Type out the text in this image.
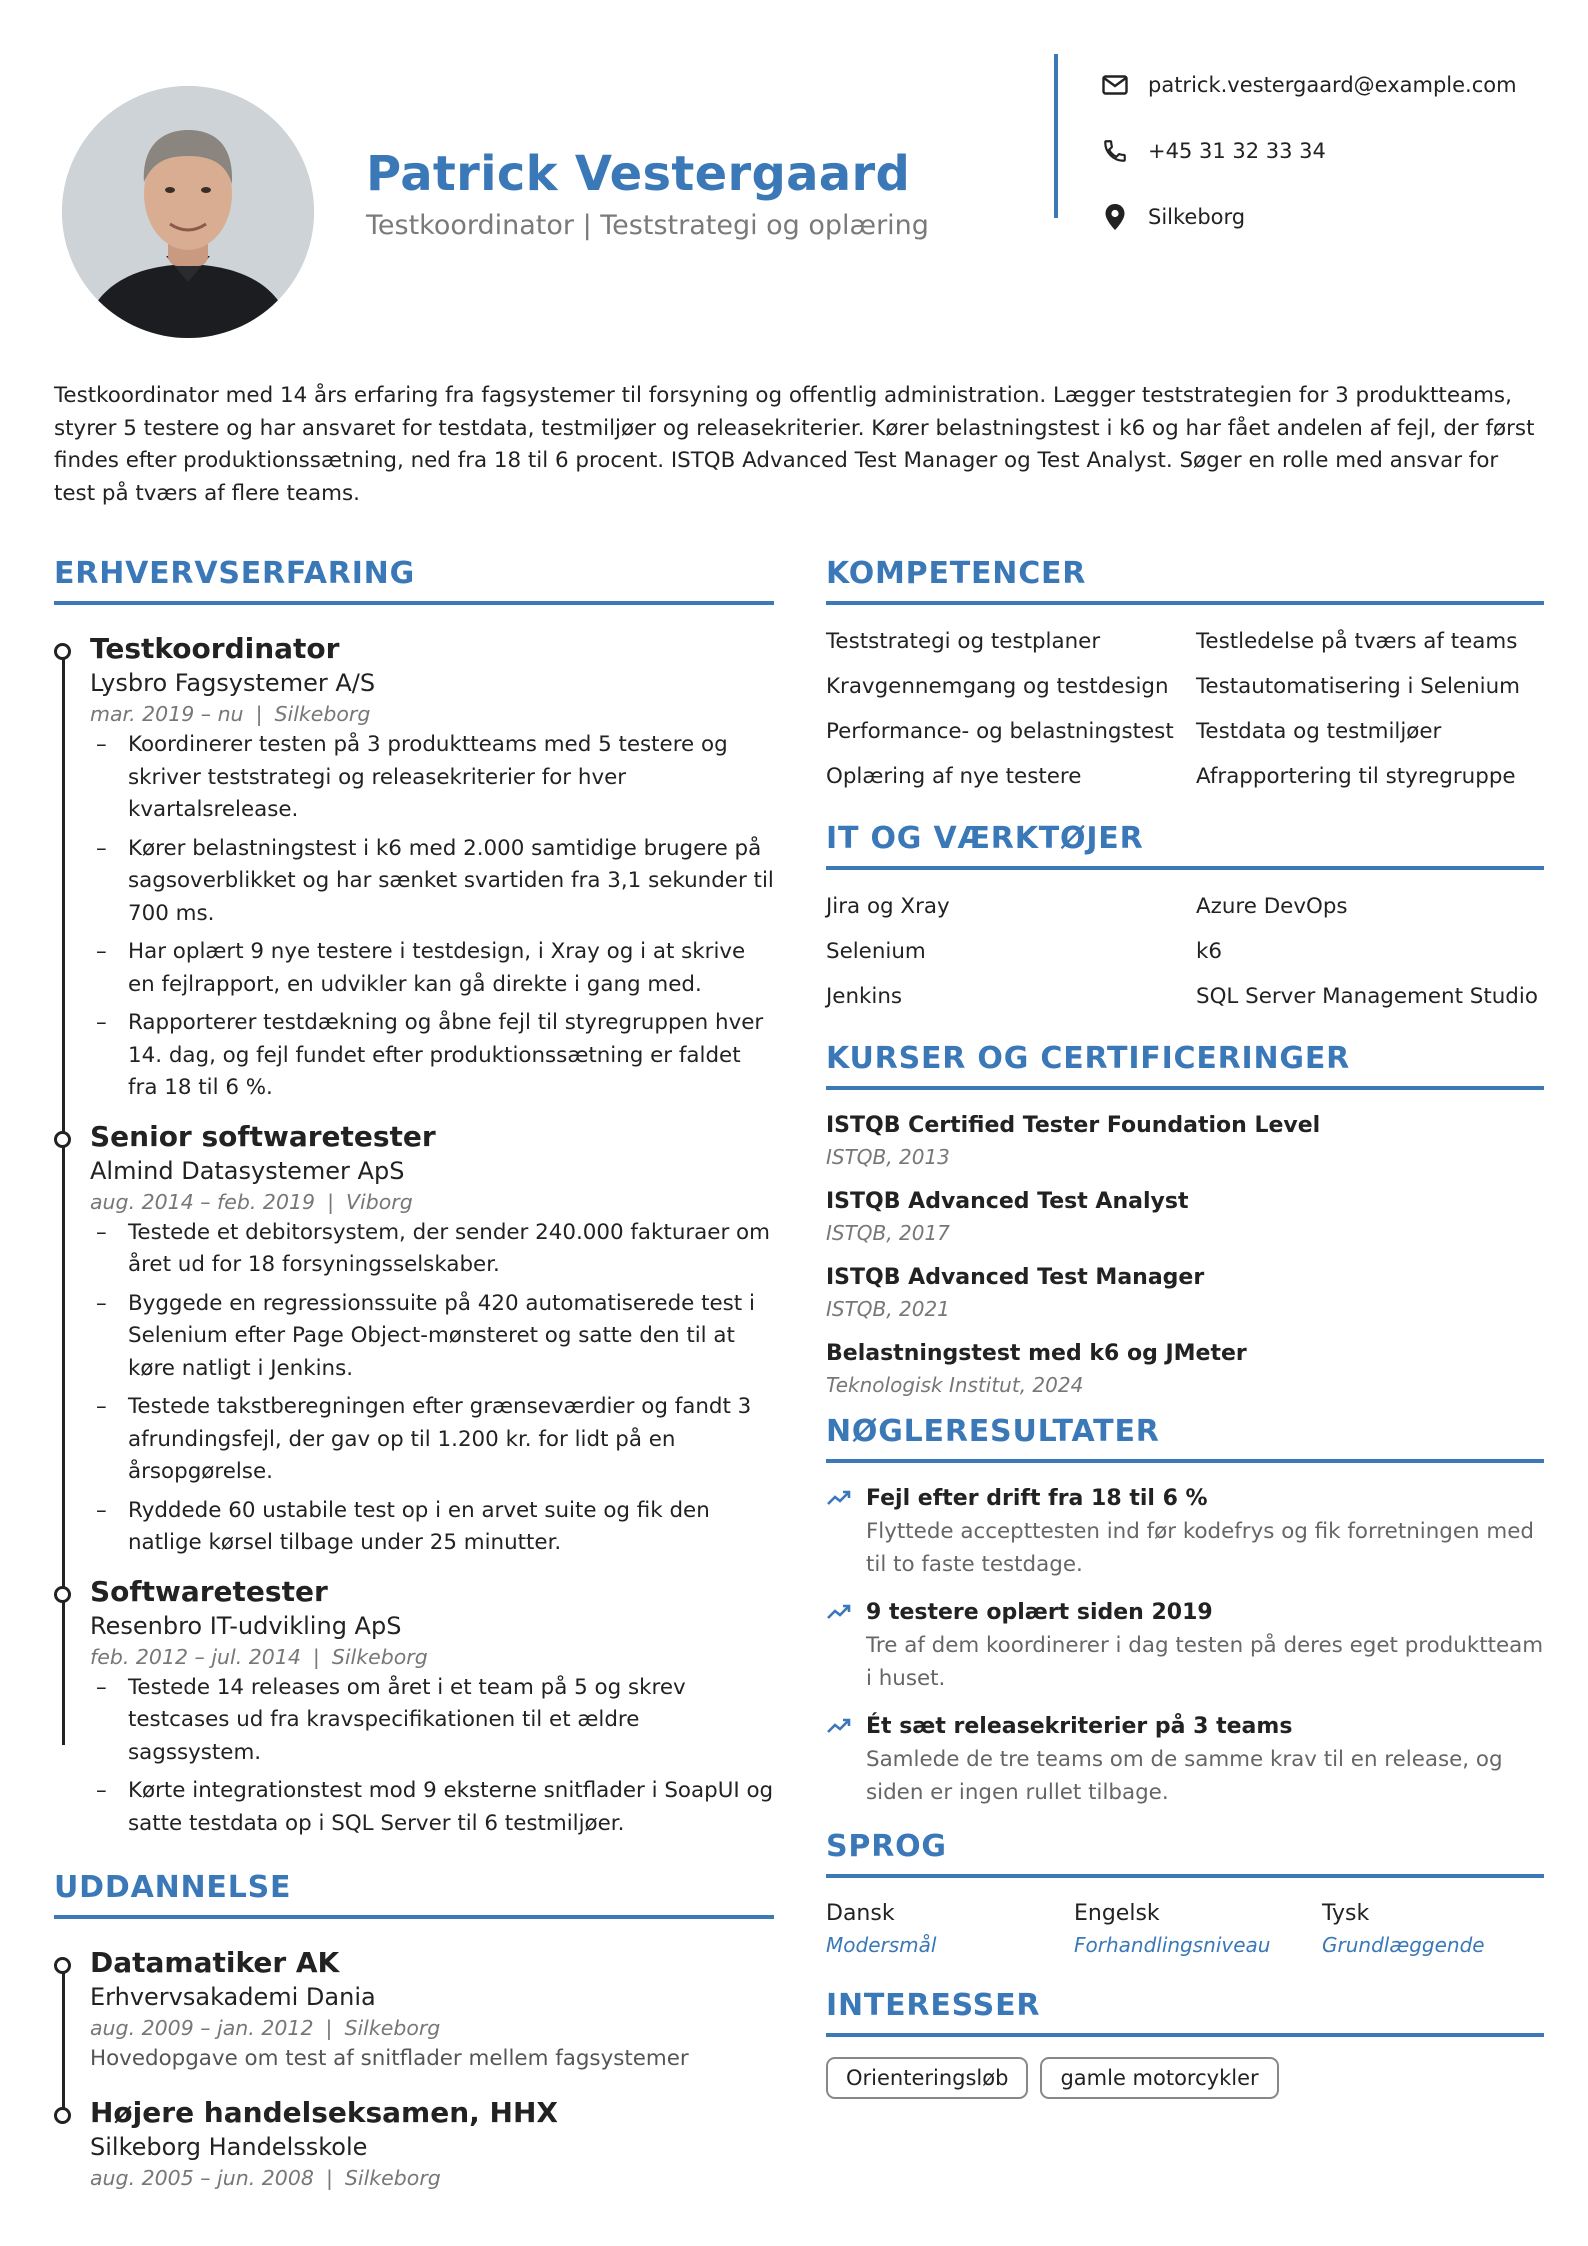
Patrick Vestergaard
Testkoordinator | Teststrategi og oplæring
patrick.vestergaard@example.com
+45 31 32 33 34
Silkeborg
Testkoordinator med 14 års erfaring fra fagsystemer til forsyning og offentlig administration. Lægger teststrategien for 3 produktteams, styrer 5 testere og har ansvaret for testdata, testmiljøer og releasekriterier. Kører belastningstest i k6 og har fået andelen af fejl, der først findes efter produktionssætning, ned fra 18 til 6 procent. ISTQB Advanced Test Manager og Test Analyst. Søger en rolle med ansvar for test på tværs af flere teams.
ERHVERVSERFARING
Testkoordinator
Lysbro Fagsystemer A/S
mar. 2019 – nu | Silkeborg
– Koordinerer testen på 3 produktteams med 5 testere og skriver teststrategi og releasekriterier for hver kvartalsrelease.
– Kører belastningstest i k6 med 2.000 samtidige brugere på sagsoverblikket og har sænket svartiden fra 3,1 sekunder til 700 ms.
– Har oplært 9 nye testere i testdesign, i Xray og i at skrive en fejlrapport, en udvikler kan gå direkte i gang med.
– Rapporterer testdækning og åbne fejl til styregruppen hver 14. dag, og fejl fundet efter produktionssætning er faldet fra 18 til 6 %.
Senior softwaretester
Almind Datasystemer ApS
aug. 2014 – feb. 2019 | Viborg
– Testede et debitorsystem, der sender 240.000 fakturaer om året ud for 18 forsyningsselskaber.
– Byggede en regressionssuite på 420 automatiserede test i Selenium efter Page Object-mønsteret og satte den til at køre natligt i Jenkins.
– Testede takstberegningen efter grænseværdier og fandt 3 afrundingsfejl, der gav op til 1.200 kr. for lidt på en årsopgørelse.
– Ryddede 60 ustabile test op i en arvet suite og fik den natlige kørsel tilbage under 25 minutter.
Softwaretester
Resenbro IT-udvikling ApS
feb. 2012 – jul. 2014 | Silkeborg
– Testede 14 releases om året i et team på 5 og skrev testcases ud fra kravspecifikationen til et ældre sagssystem.
– Kørte integrationstest mod 9 eksterne snitflader i SoapUI og satte testdata op i SQL Server til 6 testmiljøer.
UDDANNELSE
Datamatiker AK
Erhvervsakademi Dania
aug. 2009 – jan. 2012 | Silkeborg
Hovedopgave om test af snitflader mellem fagsystemer
Højere handelseksamen, HHX
Silkeborg Handelsskole
aug. 2005 – jun. 2008 | Silkeborg
KOMPETENCER
Teststrategi og testplaner	Testledelse på tværs af teams
Kravgennemgang og testdesign	Testautomatisering i Selenium
Performance- og belastningstest	Testdata og testmiljøer
Oplæring af nye testere	Afrapportering til styregruppe
IT OG VÆRKTØJER
Jira og Xray	Azure DevOps
Selenium	k6
Jenkins	SQL Server Management Studio
KURSER OG CERTIFICERINGER
ISTQB Certified Tester Foundation Level
ISTQB, 2013
ISTQB Advanced Test Analyst
ISTQB, 2017
ISTQB Advanced Test Manager
ISTQB, 2021
Belastningstest med k6 og JMeter
Teknologisk Institut, 2024
NØGLERESULTATER
Fejl efter drift fra 18 til 6 %
Flyttede accepttesten ind før kodefrys og fik forretningen med til to faste testdage.
9 testere oplært siden 2019
Tre af dem koordinerer i dag testen på deres eget produktteam i huset.
Ét sæt releasekriterier på 3 teams
Samlede de tre teams om de samme krav til en release, og siden er ingen rullet tilbage.
SPROG
Dansk
Modersmål
Engelsk
Forhandlingsniveau
Tysk
Grundlæggende
INTERESSER
Orienteringsløb	gamle motorcykler
